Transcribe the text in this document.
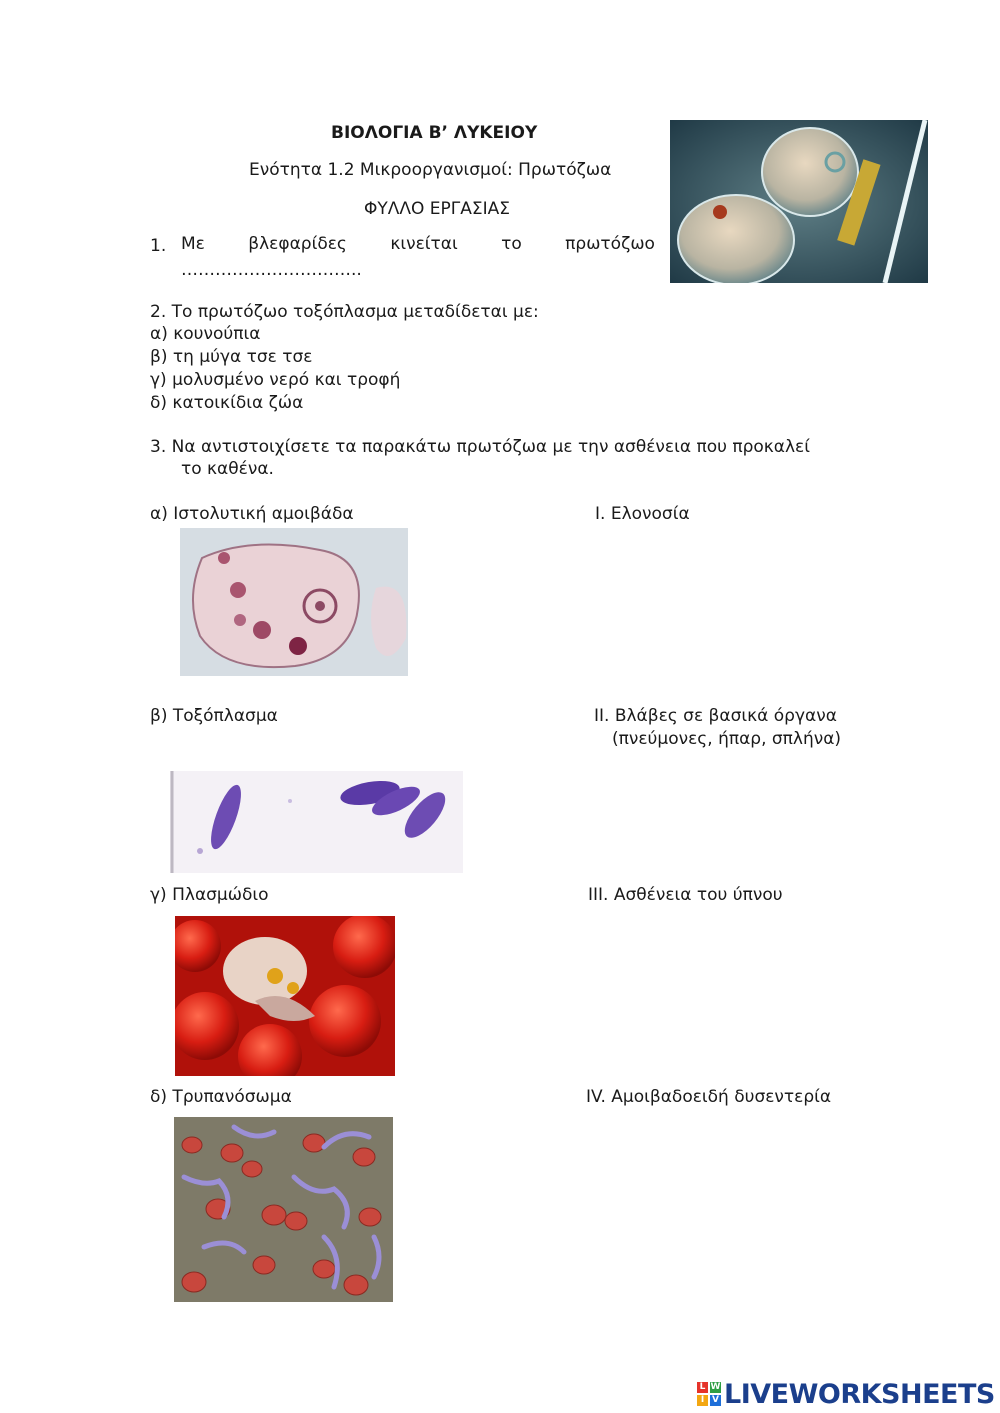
ΒΙΟΛΟΓΙΑ Β’ ΛΥΚΕΙΟΥ
Ενότητα 1.2 Μικροοργανισμοί: Πρωτόζωα
ΦΥΛΛΟ ΕΡΓΑΣΙΑΣ
1. Με	βλεφαρίδες	κινείται	το	πρωτόζωο
…………………………..
2. Το πρωτόζωο τοξόπλασμα μεταδίδεται με:
α) κουνούπια
β) τη μύγα τσε τσε
γ) μολυσμένο νερό και τροφή
δ) κατοικίδια ζώα
3. Να αντιστοιχίσετε τα παρακάτω πρωτόζωα με την ασθένεια που προκαλεί
το καθένα.
α) Ιστολυτική αμοιβάδα	I. Ελονοσία
β) Τοξόπλασμα	II. Βλάβες σε βασικά όργανα
(πνεύμονες, ήπαρ, σπλήνα)
γ) Πλασμώδιο	III. Ασθένεια του ύπνου
δ) Τρυπανόσωμα	IV. Αμοιβαδοειδή δυσεντερία
L W
I V LIVEWORKSHEETS
